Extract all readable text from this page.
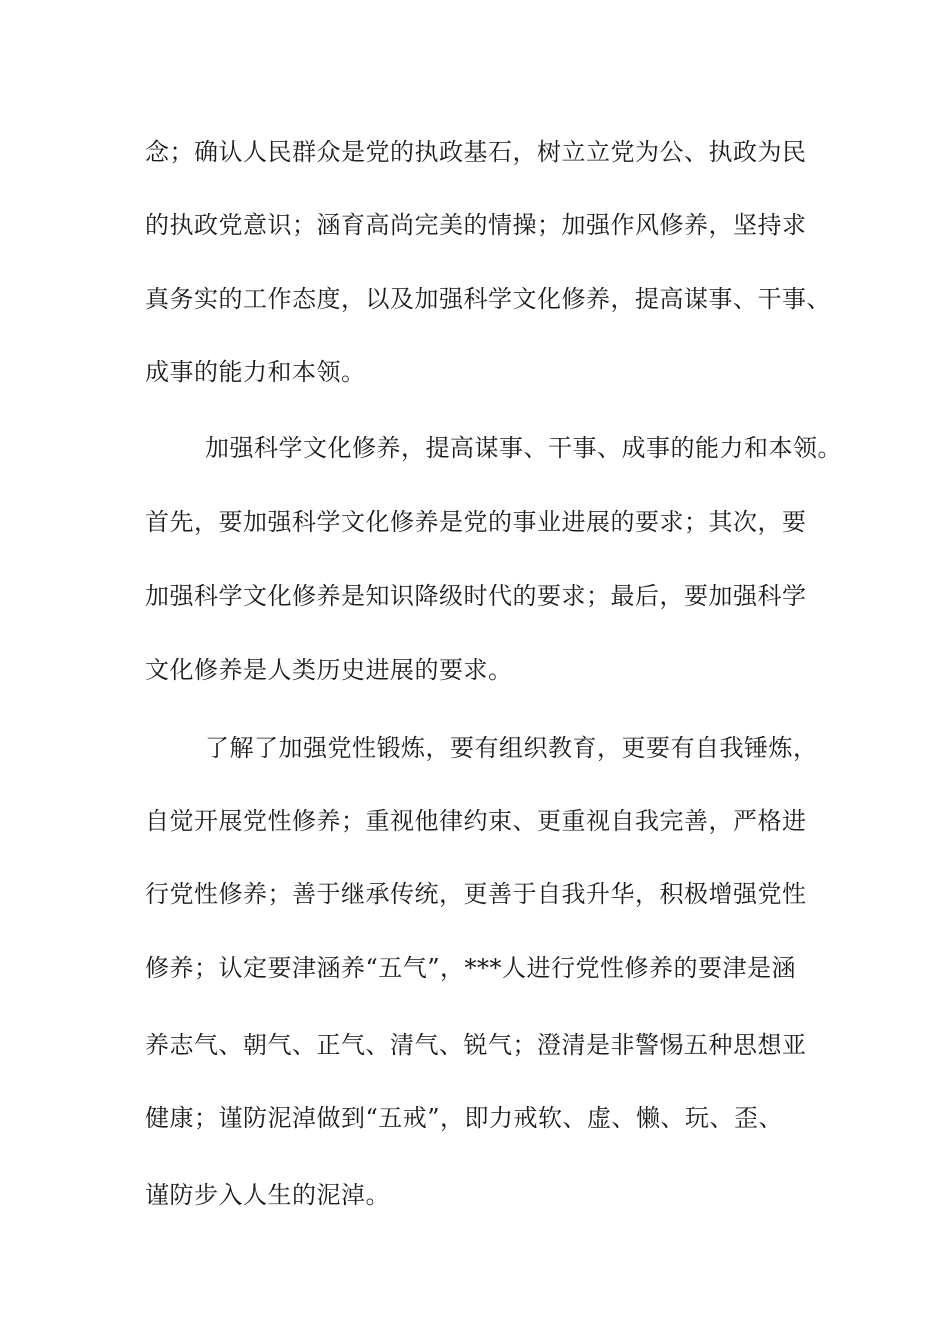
念；确认人民群众是党的执政基石，树立立党为公、执政为民
的执政党意识；涵育高尚完美的情操；加强作风修养，坚持求
真务实的工作态度，以及加强科学文化修养，提高谋事、干事、
成事的能力和本领。
加强科学文化修养，提高谋事、干事、成事的能力和本领。
首先，要加强科学文化修养是党的事业进展的要求；其次，要
加强科学文化修养是知识降级时代的要求；最后，要加强科学
文化修养是人类历史进展的要求。
了解了加强党性锻炼，要有组织教育，更要有自我锤炼，
自觉开展党性修养；重视他律约束、更重视自我完善，严格进
行党性修养；善于继承传统，更善于自我升华，积极增强党性
修养；认定要津涵养“五气”，***人进行党性修养的要津是涵
养志气、朝气、正气、清气、锐气；澄清是非警惕五种思想亚
健康；谨防泥淖做到“五戒”，即力戒软、虚、懒、玩、歪、
谨防步入人生的泥淖。
